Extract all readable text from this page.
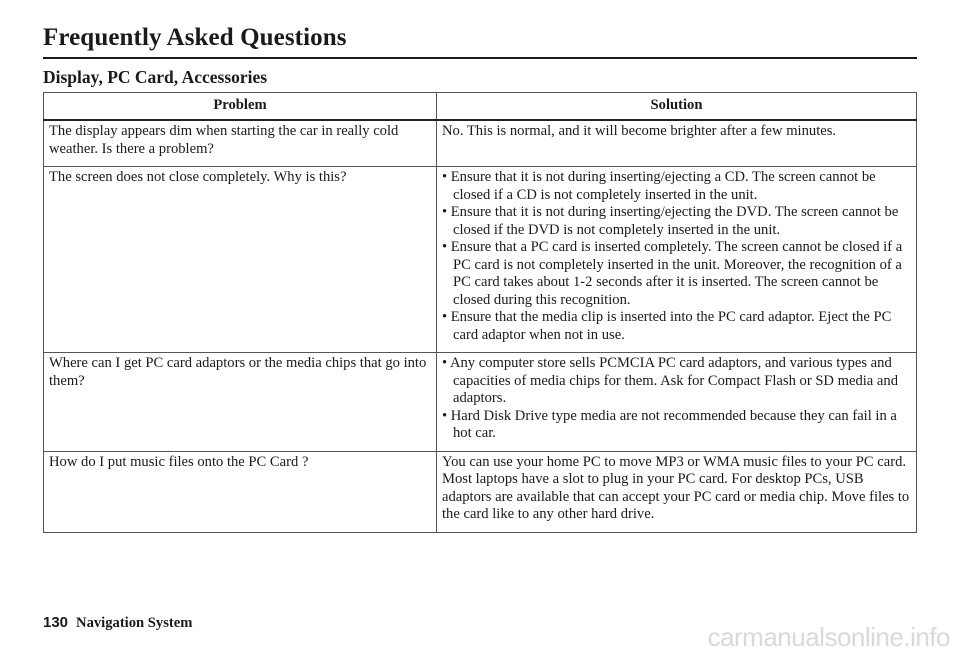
Frequently Asked Questions
Display, PC Card, Accessories
Problem	Solution
The display appears dim when starting the car in really cold weather. Is there a problem?	No. This is normal, and it will become brighter after a few minutes.

The screen does not close completely. Why is this?	• Ensure that it is not during inserting/ejecting a CD. The screen cannot be closed if a CD is not completely inserted in the unit.
• Ensure that it is not during inserting/ejecting the DVD. The screen cannot be closed if the DVD is not completely inserted in the unit.
• Ensure that a PC card is inserted completely. The screen cannot be closed if a PC card is not completely inserted in the unit. Moreover, the recognition of a PC card takes about 1-2 seconds after it is inserted. The screen cannot be closed during this recognition.
• Ensure that the media clip is inserted into the PC card adaptor. Eject the PC card adaptor when not in use.

Where can I get PC card adaptors or the media chips that go into them?	• Any computer store sells PCMCIA PC card adaptors, and various types and capacities of media chips for them. Ask for Compact Flash or SD media and adaptors.
• Hard Disk Drive type media are not recommended because they can fail in a hot car.

How do I put music files onto the PC Card ?	You can use your home PC to move MP3 or WMA music files to your PC card. Most laptops have a slot to plug in your PC card. For desktop PCs, USB adaptors are available that can accept your PC card or media chip. Move files to the card like to any other hard drive.
130 Navigation System	carmanualsonline.info
